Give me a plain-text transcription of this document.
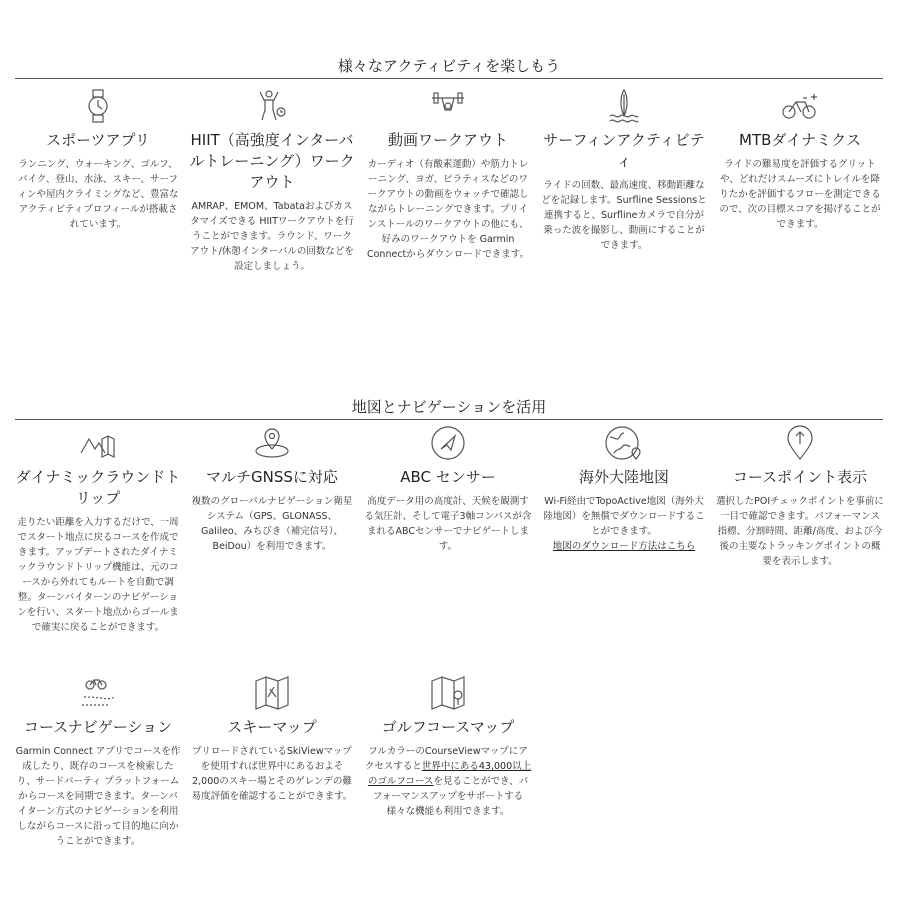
様々なアクティビティを楽しもう
スポーツアプリ

ランニング、ウォーキング、ゴルフ、バイク、登山、水泳、スキー、サーフィンや屋内クライミングなど、豊富なアクティビティプロフィールが搭載されています。

HIIT（高強度インターバルトレーニング）ワークアウト

AMRAP、EMOM、Tabataおよびカスタマイズできる HIITワークアウトを行うことができます。ラウンド、ワークアウト/休憩インターバルの回数などを設定しましょう。

動画ワークアウト

カーディオ（有酸素運動）や筋力トレーニング、ヨガ、ピラティスなどのワークアウトの動画をウォッチで確認しながらトレーニングできます。プリインストールのワークアウトの他にも、好みのワークアウトを Garmin Connectからダウンロードできます。

サーフィンアクティビティ

ライドの回数、最高速度、移動距離などを記録します。Surfline Sessionsと連携すると、Surflineカメラで自分が乗った波を撮影し、動画にすることができます。

MTBダイナミクス

ライドの難易度を評価するグリットや、どれだけスムーズにトレイルを降りたかを評価するフローを測定できるので、次の目標スコアを掲げることができます。

地図とナビゲーションを活用
ダイナミックラウンドトリップ

走りたい距離を入力するだけで、一周でスタート地点に戻るコースを作成できます。アップデートされたダイナミックラウンドトリップ機能は、元のコースから外れてもルートを自動で調整。ターンバイターンのナビゲーションを行い、スタート地点からゴールまで確実に戻ることができます。

マルチGNSSに対応

複数のグローバルナビゲーション衛星システム（GPS、GLONASS、Galileo、みちびき（補完信号）、BeiDou）を利用できます。

ABC センサー

高度データ用の高度計、天候を観測する気圧計、そして電子3軸コンパスが含まれるABCセンサーでナビゲートします。

海外大陸地図

Wi-Fi経由でTopoActive地図（海外大陸地図）を無償でダウンロードすることができます。
地図のダウンロード方法はこちら

コースポイント表示

選択したPOIチェックポイントを事前に一目で確認できます。パフォーマンス指標、分割時間、距離/高度、および今後の主要なトラッキングポイントの概要を表示します。

コースナビゲーション

Garmin Connect アプリでコースを作成したり、既存のコースを検索したり、サードパーティ プラットフォームからコースを同期できます。ターンバイターン方式のナビゲーションを利用しながらコースに沿って目的地に向かうことができます。

スキーマップ

プリロードされているSkiViewマップを使用すれば世界中にあるおよそ2,000のスキー場とそのゲレンデの難易度評価を確認することができます。

ゴルフコースマップ

フルカラーのCourseViewマップにアクセスすると世界中にある43,000以上のゴルフコースを見ることができ、パフォーマンスアップをサポートする様々な機能も利用できます。
